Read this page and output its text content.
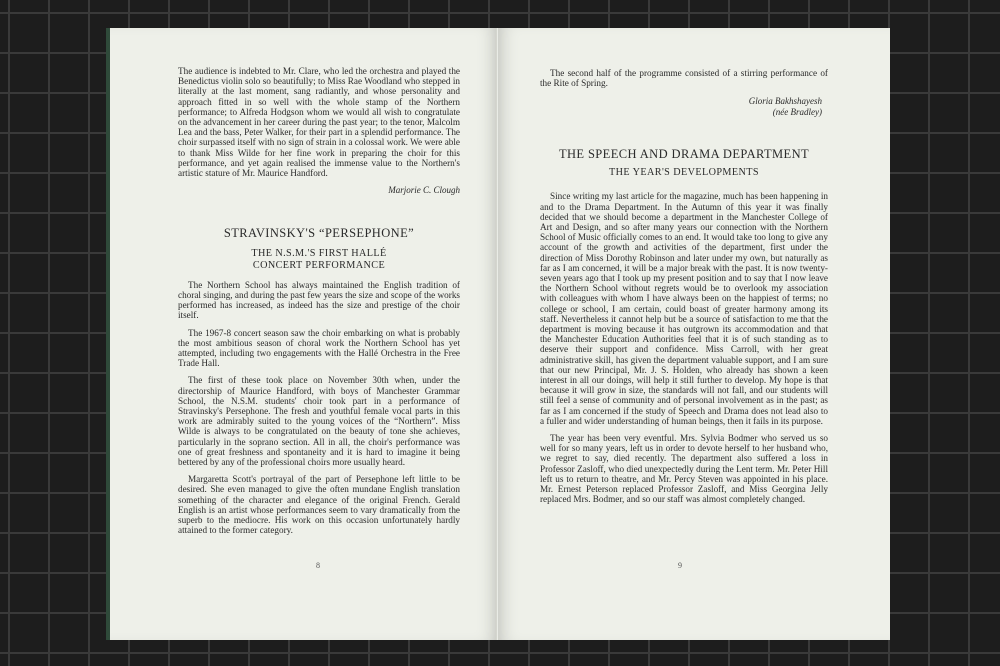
The audience is indebted to Mr. Clare, who led the orchestra and played the Benedictus violin solo so beautifully; to Miss Rae Woodland who stepped in literally at the last moment, sang radiantly, and whose personality and approach fitted in so well with the whole stamp of the Northern performance; to Alfreda Hodgson whom we would all wish to congratulate on the advancement in her career during the past year; to the tenor, Malcolm Lea and the bass, Peter Walker, for their part in a splendid performance. The choir surpassed itself with no sign of strain in a colossal work. We were able to thank Miss Wilde for her fine work in preparing the choir for this performance, and yet again realised the immense value to the Northern's artistic stature of Mr. Maurice Handford.

Marjorie C. Clough

STRAVINSKY'S “PERSEPHONE”
THE N.S.M.'S FIRST HALLÉ CONCERT PERFORMANCE

The Northern School has always maintained the English tradition of choral singing, and during the past few years the size and scope of the works performed has increased, as indeed has the size and prestige of the choir itself.

The 1967-8 concert season saw the choir embarking on what is probably the most ambitious season of choral work the Northern School has yet attempted, including two engagements with the Hallé Orchestra in the Free Trade Hall.

The first of these took place on November 30th when, under the directorship of Maurice Handford, with boys of Manchester Grammar School, the N.S.M. students' choir took part in a performance of Stravinsky's Persephone. The fresh and youthful female vocal parts in this work are admirably suited to the young voices of the “Northern”. Miss Wilde is always to be congratulated on the beauty of tone she achieves, particularly in the soprano section. All in all, the choir's performance was one of great freshness and spontaneity and it is hard to imagine it being bettered by any of the professional choirs more usually heard.

Margaretta Scott's portrayal of the part of Persephone left little to be desired. She even managed to give the often mundane English translation something of the character and elegance of the original French. Gerald English is an artist whose performances seem to vary dramatically from the superb to the mediocre. His work on this occasion unfortunately hardly attained to the former category.

8

The second half of the programme consisted of a stirring performance of the Rite of Spring.

Gloria Bakhshayesh

(née Bradley)

THE SPEECH AND DRAMA DEPARTMENT
THE YEAR'S DEVELOPMENTS

Since writing my last article for the magazine, much has been happening in and to the Drama Department. In the Autumn of this year it was finally decided that we should become a department in the Manchester College of Art and Design, and so after many years our connection with the Northern School of Music officially comes to an end. It would take too long to give any account of the growth and activities of the department, first under the direction of Miss Dorothy Robinson and later under my own, but naturally as far as I am concerned, it will be a major break with the past. It is now twenty-seven years ago that I took up my present position and to say that I now leave the Northern School without regrets would be to overlook my association with colleagues with whom I have always been on the happiest of terms; no college or school, I am certain, could boast of greater harmony among its staff. Nevertheless it cannot help but be a source of satisfaction to me that the department is moving because it has outgrown its accommodation and that the Manchester Education Authorities feel that it is of such standing as to deserve their support and confidence. Miss Carroll, with her great administrative skill, has given the department valuable support, and I am sure that our new Principal, Mr. J. S. Holden, who already has shown a keen interest in all our doings, will help it still further to develop. My hope is that because it will grow in size, the standards will not fall, and our students will still feel a sense of community and of personal involvement as in the past; as far as I am concerned if the study of Speech and Drama does not lead also to a fuller and wider understanding of human beings, then it fails in its purpose.

The year has been very eventful. Mrs. Sylvia Bodmer who served us so well for so many years, left us in order to devote herself to her husband who, we regret to say, died recently. The department also suffered a loss in Professor Zasloff, who died unexpectedly during the Lent term. Mr. Peter Hill left us to return to theatre, and Mr. Percy Steven was appointed in his place. Mr. Ernest Peterson replaced Professor Zasloff, and Miss Georgina Jelly replaced Mrs. Bodmer, and so our staff was almost completely changed.

9
